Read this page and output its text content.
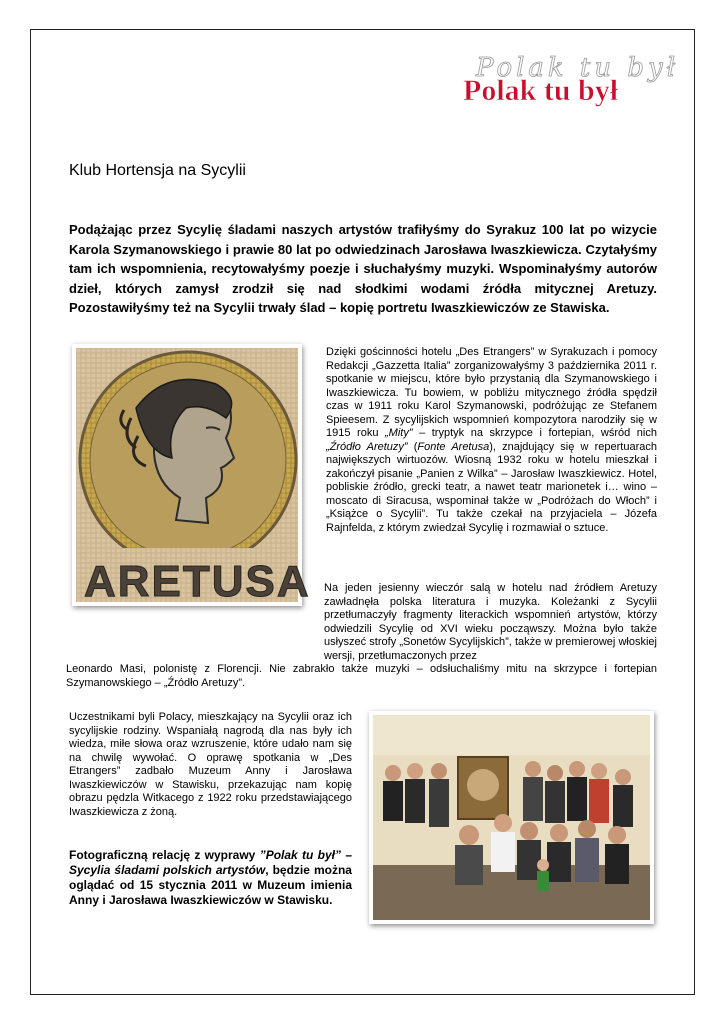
Polak tu był
Polak tu był
Klub Hortensja na Sycylii

Podążając przez Sycylię śladami naszych artystów trafiłyśmy do Syrakuz 100 lat po wizycie Karola Szymanowskiego i prawie 80 lat po odwiedzinach Jarosława Iwaszkiewicza. Czytałyśmy tam ich wspomnienia, recytowałyśmy poezje i słuchałyśmy muzyki. Wspominałyśmy autorów dzieł, których zamysł zrodził się nad słodkimi wodami źródła mitycznej Aretuzy. Pozostawiłyśmy też na Sycylii trwały ślad – kopię portretu Iwaszkiewiczów ze Stawiska.

ARETUSA

Dzięki gościnności hotelu „Des Etrangers” w Syrakuzach i pomocy Redakcji „Gazzetta Italia” zorganizowałyśmy 3 października 2011 r. spotkanie w miejscu, które było przystanią dla Szymanowskiego i Iwaszkiewicza. Tu bowiem, w pobliżu mitycznego źródła spędził czas w 1911 roku Karol Szymanowski, podróżując ze Stefanem Spieesem. Z sycylijskich wspomnień kompozytora narodziły się w 1915 roku „Mity” – tryptyk na skrzypce i fortepian, wśród nich „Źródło Aretuzy” (Fonte Aretusa), znajdujący się w repertuarach największych wirtuozów. Wiosną 1932 roku w hotelu mieszkał i zakończył pisanie „Panien z Wilka” – Jarosław Iwaszkiewicz. Hotel, pobliskie źródło, grecki teatr, a nawet teatr marionetek i… wino – moscato di Siracusa, wspominał także w „Podróżach do Włoch” i „Książce o Sycylii”. Tu także czekał na przyjaciela – Józefa Rajnfelda, z którym zwiedzał Sycylię i rozmawiał o sztuce.

Na jeden jesienny wieczór salą w hotelu nad źródłem Aretuzy zawładnęła polska literatura i muzyka. Koleżanki z Sycylii przetłumaczyły fragmenty literackich wspomnień artystów, którzy odwiedzili Sycylię od XVI wieku począwszy. Można było także usłyszeć strofy „Sonetów Sycylijskich”, także w premierowej włoskiej wersji, przetłumaczonych przez

Leonardo Masi, polonistę z Florencji. Nie zabrakło także muzyki – odsłuchaliśmy mitu na skrzypce i fortepian Szymanowskiego – „Źródło Aretuzy”.

Uczestnikami byli Polacy, mieszkający na Sycylii oraz ich sycylijskie rodziny. Wspaniałą nagrodą dla nas były ich wiedza, miłe słowa oraz wzruszenie, które udało nam się na chwilę wywołać. O oprawę spotkania w „Des Etrangers” zadbało Muzeum Anny i Jarosława Iwaszkiewiczów w Stawisku, przekazując nam kopię obrazu pędzla Witkacego z 1922 roku przedstawiającego Iwaszkiewicza z żoną.

Fotograficzną relację z wyprawy ”Polak tu był” – Sycylia śladami polskich artystów, będzie można oglądać od 15 stycznia 2011 w Muzeum imienia Anny i Jarosława Iwaszkiewiczów w Stawisku.
